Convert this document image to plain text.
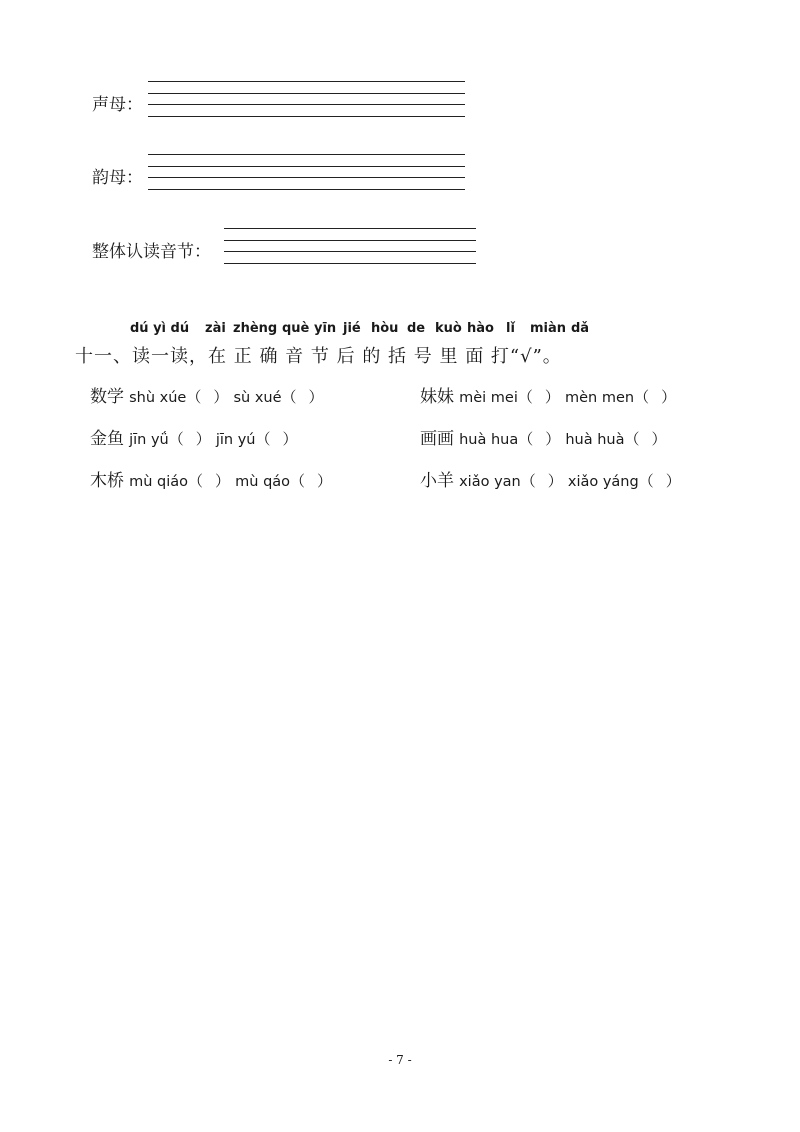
声母：
韵母：
整体认读音节：
dú yì dú zài zhèng què yīn jié hòu de kuò hào lǐ miàn dǎ
十一、读一读，在 正 确 音 节 后 的 括 号 里 面 打“√”。
数学 shù xúe（ ） sù xué（ ）	妹妹 mèi mei（ ） mèn men（ ）
金鱼 jīn yǘ（ ） jīn yú（ ）	画画 huà hua（ ） huà huà（ ）
木桥 mù qiáo（ ） mù qáo（ ）	小羊 xiǎo yan（ ） xiǎo yáng（ ）
- 7 -
